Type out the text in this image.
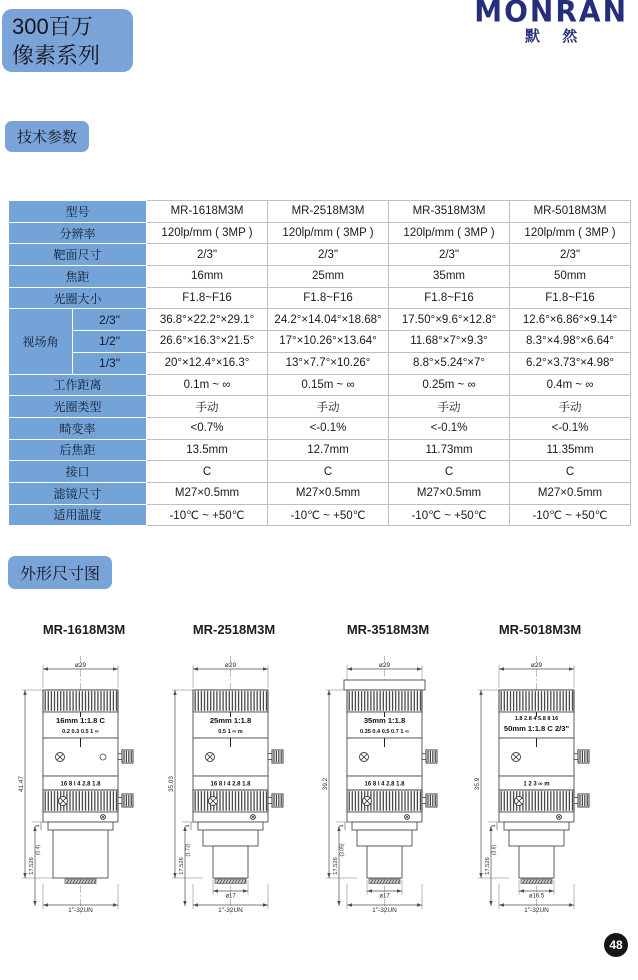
300百万
像素系列
MONRAN
默 然
技术参数
型号		MR-1618M3M	MR-2518M3M	MR-3518M3M	MR-5018M3M
分辨率		120lp/mm ( 3MP )	120lp/mm ( 3MP )	120lp/mm ( 3MP )	120lp/mm ( 3MP )
靶面尺寸		2/3"	2/3"	2/3"	2/3"
焦距		16mm	25mm	35mm	50mm
光圈大小		F1.8~F16	F1.8~F16	F1.8~F16	F1.8~F16
视场角	2/3"	36.8°×22.2°×29.1°	24.2°×14.04°×18.68°	17.50°×9.6°×12.8°	12.6°×6.86°×9.14°
	1/2"	26.6°×16.3°×21.5°	17°×10.26°×13.64°	11.68°×7°×9.3°	8.3°×4.98°×6.64°
	1/3"	20°×12.4°×16.3°	13°×7.7°×10.26°	8.8°×5.24°×7°	6.2°×3.73°×4.98°
工作距离		0.1m ~ ∞	0.15m ~ ∞	0.25m ~ ∞	0.4m ~ ∞
光圈类型		手动	手动	手动	手动
畸变率		<0.7%	<-0.1%	<-0.1%	<-0.1%
后焦距		13.5mm	12.7mm	11.73mm	11.35mm
接口		C	C	C	C
滤镜尺寸		M27×0.5mm	M27×0.5mm	M27×0.5mm	M27×0.5mm
适用温度		-10℃ ~ +50℃	-10℃ ~ +50℃	-10℃ ~ +50℃	-10℃ ~ +50℃
外形尺寸图
MR-1618M3M
ø29
16mm 1:1.8 C
0.2 0.3 0.5 1 ∞
16 8 l 4 2.8 1.8
1"-32UN
41.47
17.526
4
(0.4)
MR-2518M3M
ø29
25mm 1:1.8
0.5 1 ∞ m
16 8 l 4 2.8 1.8
ø17
1"-32UN
35.03
17.526
4
(1.72)
MR-3518M3M
ø29
35mm 1:1.8
0.35 0.4 0.5 0.7 1 ∞
16 8 l 4 2.8 1.8
ø17
1"-32UN
39.2
17.526
4
(3.05)
MR-5018M3M
ø29
1.8 2.8 4 5.8 8 16
50mm 1:1.8 C 2/3"
1 2 3 ∞ m
ø16.5
1"-32UN
35.9
17.526
4
(3.6)
48
